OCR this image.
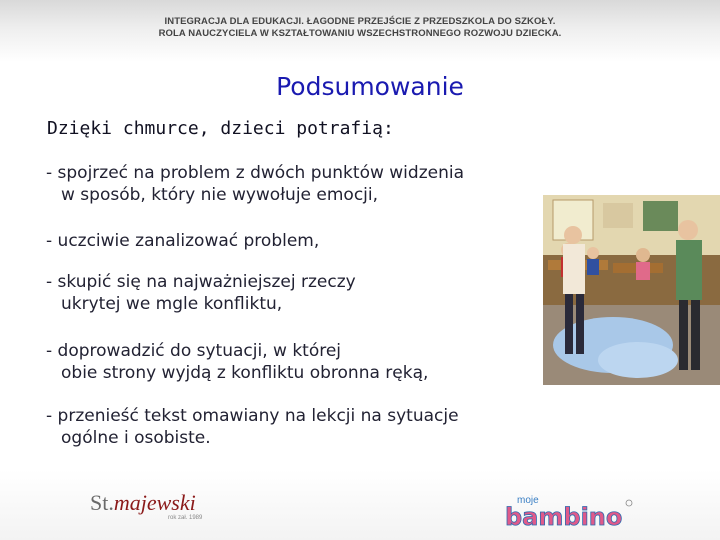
INTEGRACJA DLA EDUKACJI. ŁAGODNE PRZEJŚCIE Z PRZEDSZKOLA DO SZKOŁY.
ROLA NAUCZYCIELA W KSZTAŁTOWANIU WSZECHSTRONNEGO ROZWOJU DZIECKA.
Podsumowanie
Dzięki chmurce, dzieci potrafią:
- spojrzeć na problem z dwóch punktów widzenia
w sposób, który nie wywołuje emocji,
- uczciwie zanalizować problem,
- skupić się na najważniejszej rzeczy
ukrytej we mgle konfliktu,
- doprowadzić do sytuacji, w której
obie strony wyjdą z konfliktu obronna ręką,
- przenieść tekst omawiany na lekcji na sytuacje
ogólne i osobiste.
St.majewski
rok zał. 1989
moje
bambino
